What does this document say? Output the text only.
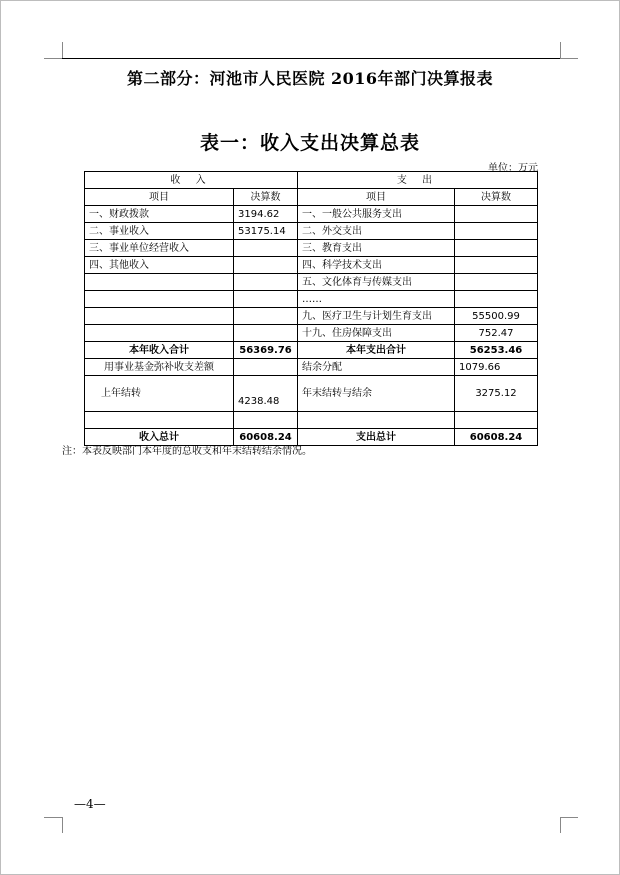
第二部分：河池市人民医院 2016年部门决算报表
表一：收入支出决算总表
单位：万元
收 入		支 出	
项目	决算数	项目	决算数
一、财政拨款	3194.62	一、一般公共服务支出	
二、事业收入	53175.14	二、外交支出	
三、事业单位经营收入		三、教育支出	
四、其他收入		四、科学技术支出	
		五、文化体育与传媒支出	
		……	
		九、医疗卫生与计划生育支出	55500.99
		十九、住房保障支出	752.47
本年收入合计	56369.76	本年支出合计	56253.46
用事业基金弥补收支差额		结余分配	1079.66
上年结转	4238.48	年末结转与结余	3275.12

收入总计	60608.24	支出总计	60608.24
注：本表反映部门本年度的总收支和年末结转结余情况。
—4—
